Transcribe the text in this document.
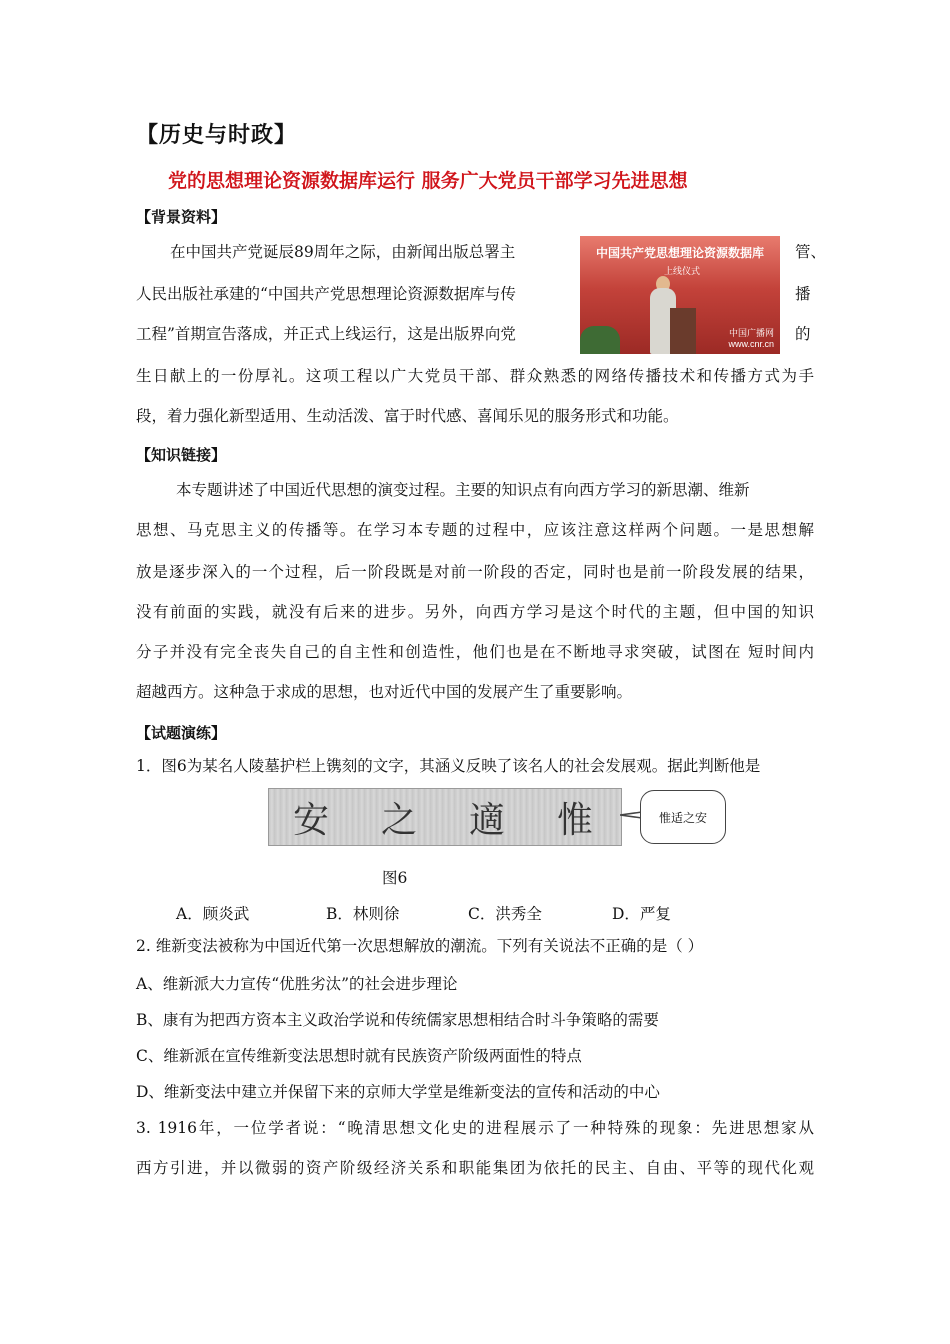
【历史与时政】
党的思想理论资源数据库运行 服务广大党员干部学习先进思想
【背景资料】
在中国共产党诞辰89周年之际，由新闻出版总署主	管、
人民出版社承建的“中国共产党思想理论资源数据库与传	播
工程”首期宣告落成，并正式上线运行，这是出版界向党	的
生日献上的一份厚礼。这项工程以广大党员干部、群众熟悉的网络传播技术和传播方式为手
段，着力强化新型适用、生动活泼、富于时代感、喜闻乐见的服务形式和功能。
中国共产党思想理论资源数据库
上线仪式
中国广播网
www.cnr.cn
【知识链接】
本专题讲述了中国近代思想的演变过程。主要的知识点有向西方学习的新思潮、维新
思想、马克思主义的传播等。在学习本专题的过程中，应该注意这样两个问题。一是思想解
放是逐步深入的一个过程，后一阶段既是对前一阶段的否定，同时也是前一阶段发展的结果，
没有前面的实践，就没有后来的进步。另外，向西方学习是这个时代的主题，但中国的知识
分子并没有完全丧失自己的自主性和创造性，他们也是在不断地寻求突破，试图在 短时间内
超越西方。这种急于求成的思想，也对近代中国的发展产生了重要影响。
【试题演练】
1．图6为某名人陵墓护栏上镌刻的文字，其涵义反映了该名人的社会发展观。据此判断他是
安 之 適 惟	惟适之安
图6
A．顾炎武	B．林则徐	C．洪秀全	D．严复
2. 维新变法被称为中国近代第一次思想解放的潮流。下列有关说法不正确的是（ ）
A、维新派大力宣传“优胜劣汰”的社会进步理论
B、康有为把西方资本主义政治学说和传统儒家思想相结合时斗争策略的需要
C、维新派在宣传维新变法思想时就有民族资产阶级两面性的特点
D、维新变法中建立并保留下来的京师大学堂是维新变法的宣传和活动的中心
3. 1916年，一位学者说：“晚清思想文化史的进程展示了一种特殊的现象：先进思想家从
西方引进，并以微弱的资产阶级经济关系和职能集团为依托的民主、自由、平等的现代化观
